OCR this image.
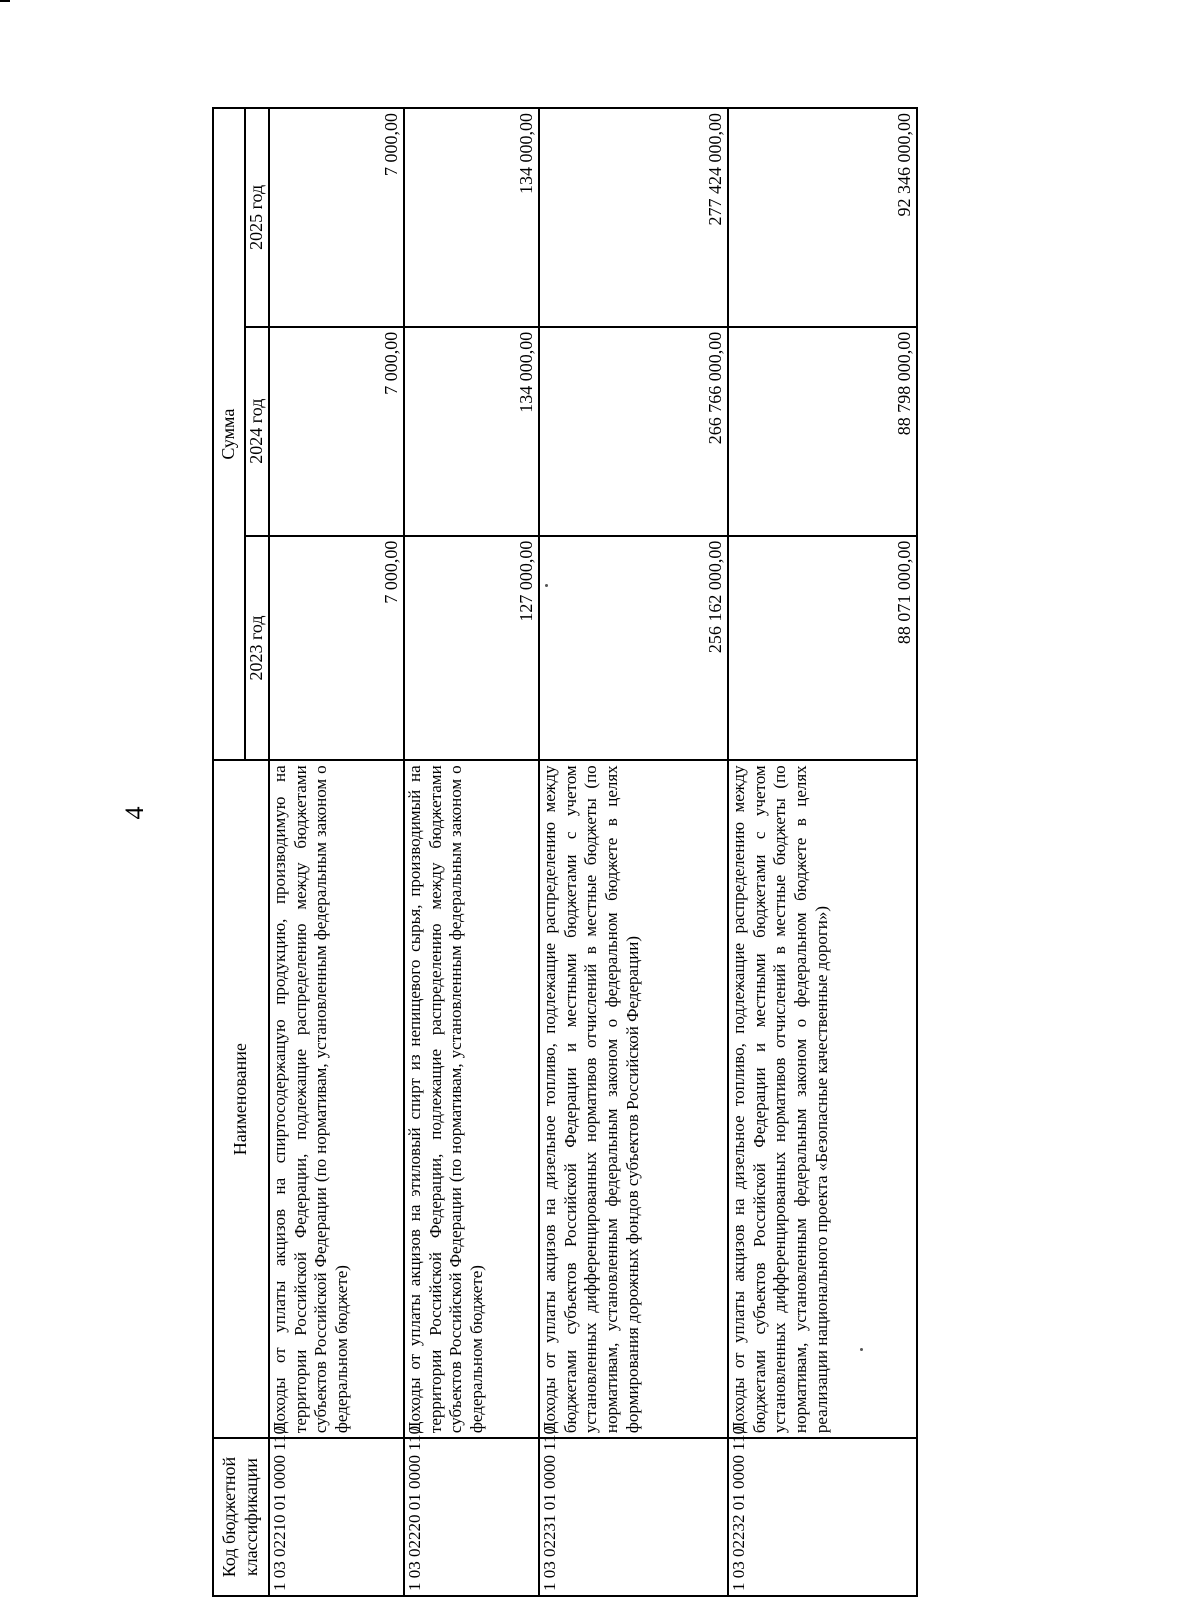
4
Код бюджетной классификации	Наименование	Сумма		
		2023 год	2024 год	2025 год
1 03 02210 01 0000 110	Доходы от уплаты акцизов на спиртосодержащую продукцию, производимую на территории Российской Федерации, подлежащие распределению между бюджетами субъектов Российской Федерации (по нормативам, установленным федеральным законом о федеральном бюджете)	7 000,00	7 000,00	7 000,00
1 03 02220 01 0000 110	Доходы от уплаты акцизов на этиловый спирт из непищевого сырья, производимый на территории Российской Федерации, подлежащие распределению между бюджетами субъектов Российской Федерации (по нормативам, установленным федеральным законом о федеральном бюджете)	127 000,00	134 000,00	134 000,00
1 03 02231 01 0000 110	Доходы от уплаты акцизов на дизельное топливо, подлежащие распределению между бюджетами субъектов Российской Федерации и местными бюджетами с учетом установленных дифференцированных нормативов отчислений в местные бюджеты (по нормативам, установленным федеральным законом о федеральном бюджете в целях формирования дорожных фондов субъектов Российской Федерации)	256 162 000,00	266 766 000,00	277 424 000,00
1 03 02232 01 0000 110	Доходы от уплаты акцизов на дизельное топливо, подлежащие распределению между бюджетами субъектов Российской Федерации и местными бюджетами с учетом установленных дифференцированных нормативов отчислений в местные бюджеты (по нормативам, установленным федеральным законом о федеральном бюджете в целях реализации национального проекта «Безопасные качественные дороги»)	88 071 000,00	88 798 000,00	92 346 000,00
